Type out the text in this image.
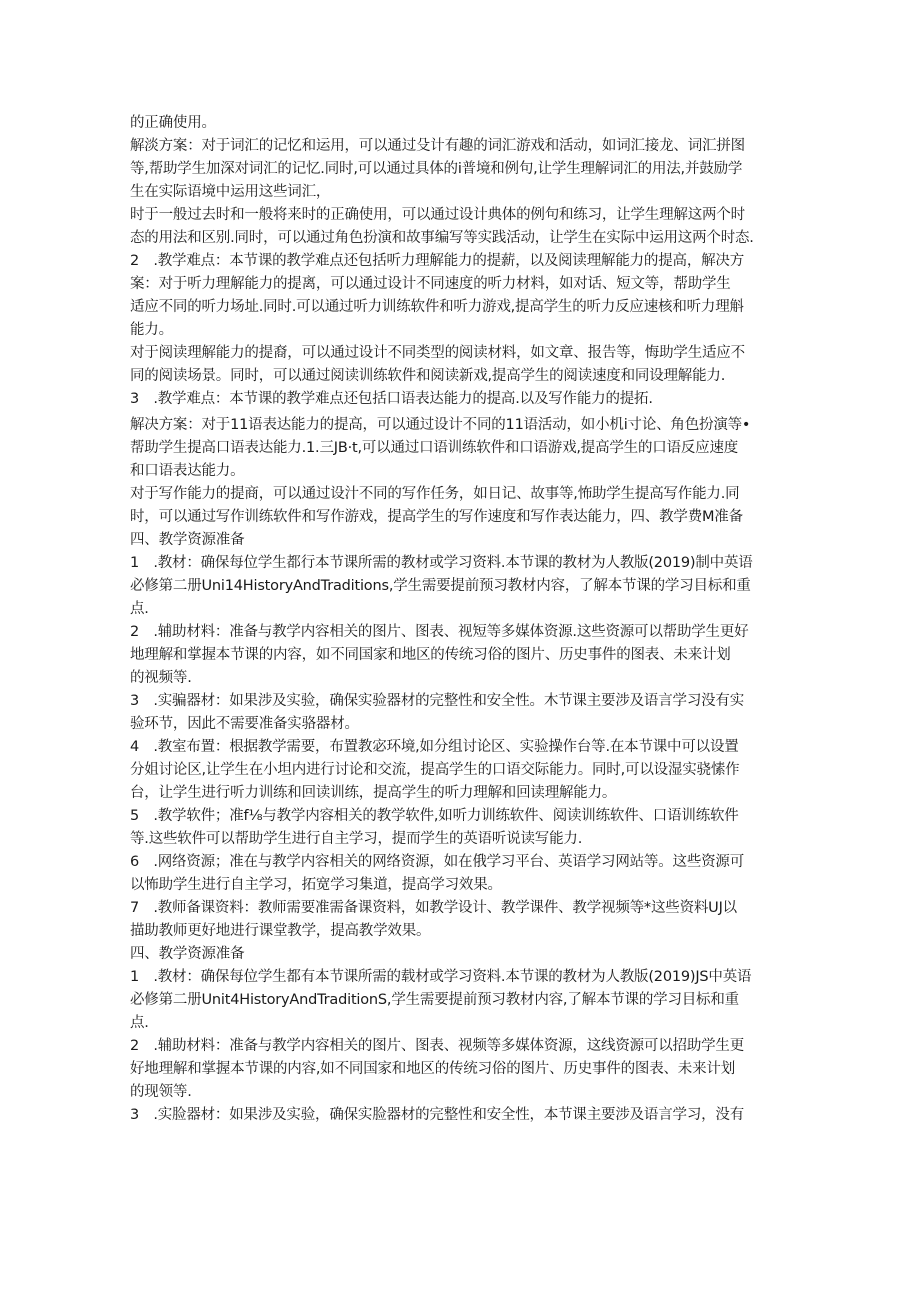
的正确使用。

解淡方案：对于词汇的记忆和运用，可以通过殳计有趣的词汇游戏和活动，如词汇接龙、词汇拼图
等,帮助学生加深对词汇的记忆.同时,可以通过具体的i普境和例句,让学生理解词汇的用法,并鼓励学
生在实际语境中运用这些词汇，

时于一般过去时和一般将来时的正确使用，可以通过设计典体的例句和练习，让学生理解这两个时
态的用法和区别.同时，可以通过角色扮演和故事编写等实践活动，让学生在实际中运用这两个时态.

2　.教学难点：本节课的教学难点还包括听力理解能力的提薪，以及阅读理解能力的提高，解决方
案：对于听力理解能力的提离，可以通过设计不同速度的听力材料，如对话、短文等，帮助学生
适应不同的听力场址.同时.可以通过听力训练软件和听力游戏,提高学生的听力反应速核和听力理斛
能力。

对于阅读理解能力的提裔，可以通过设计不同类型的阅读材料，如文章、报告等，悔助学生适应不
同的阅读场景。同时，可以通过阅读训练软件和阅读新戏,提高学生的阅读速度和同设理解能力.

3　.教学难点：本节课的教学难点还包括口语表达能力的提高.以及写作能力的提拓.

解决方案：对于11语表达能力的提高，可以通过设计不同的11语活动，如小机i寸论、角色扮演等•
帮助学生提高口语表达能力.1.三JB·t,可以通过口语训练软件和口语游戏,提高学生的口语反应速度
和口语表达能力。

对于写作能力的提商，可以通过设汁不同的写作任务，如日记、故事等,怖助学生提高写作能力.同
时，可以通过写作训练软件和写作游戏，提高学生的写作速度和写作表达能力，四、教学费M准备

四、教学资源准备

1　.教材：确保每位学生都行本节课所需的教材或学习资料.本节课的教材为人教版(2019)制中英语
必修第二册Uni14HistoryAndTraditions,学生需要提前预习教材内容，了解本节课的学习目标和重
点.

2　.辅助材料：准备与教学内容相关的图片、图表、视短等多媒体资源.这些资源可以帮助学生更好
地理解和掌握本节课的内容，如不同国家和地区的传统习俗的图片、历史事件的图表、未来计划
的视频等.

3　.实骗器材：如果涉及实验，确保实验器材的完整性和安全性。木节课主要涉及语言学习没有实
验环节，因此不需要准备实骆器材。

4　.教室布置：根据教学需要，布置教宓环境,如分组讨论区、实验操作台等.在本节课中可以设置
分姐讨论区,让学生在小坦内进行讨论和交流，提高学生的口语交际能力。同时,可以设湿实骁愫作
台，让学生进行听力训练和回读训练，提高学生的听力理解和回读理解能力。

5　.教学软件；准f⅛与教学内容相关的教学软件,如听力训练软件、阅读训练软件、口语训练软件
等.这些软件可以帮助学生进行自主学习，提而学生的英语听说读写能力.

6　.网络资源；准在与教学内容相关的网络资源，如在俄学习平台、英语学习网站等。这些资源可
以怖助学生进行自主学习，拓宽学习集道，提高学习效果。

7　.教师备课资料：教师需要准需备课资料，如教学设计、教学课件、教学视频等*这些资料UJ以
描助教师更好地进行课堂教学，提高教学效果。

四、教学资源准备

1　.教材：确保每位学生都有本节课所需的载材或学习资料.本节课的教材为人教版(2019)JS中英语
必修第二册Unit4HistoryAndTraditionS,学生需要提前预习教材内容,了解本节课的学习目标和重
点.

2　.辅助材料：准备与教学内容相关的图片、图表、视频等多媒体资源，这线资源可以招助学生更
好地理解和掌握本节课的内容,如不同国家和地区的传统习俗的图片、历史事件的图表、未来计划
的现领等.

3　.实脸器材：如果涉及实验，确保实脸器材的完整性和安全性，本节课主要涉及语言学习，没有
